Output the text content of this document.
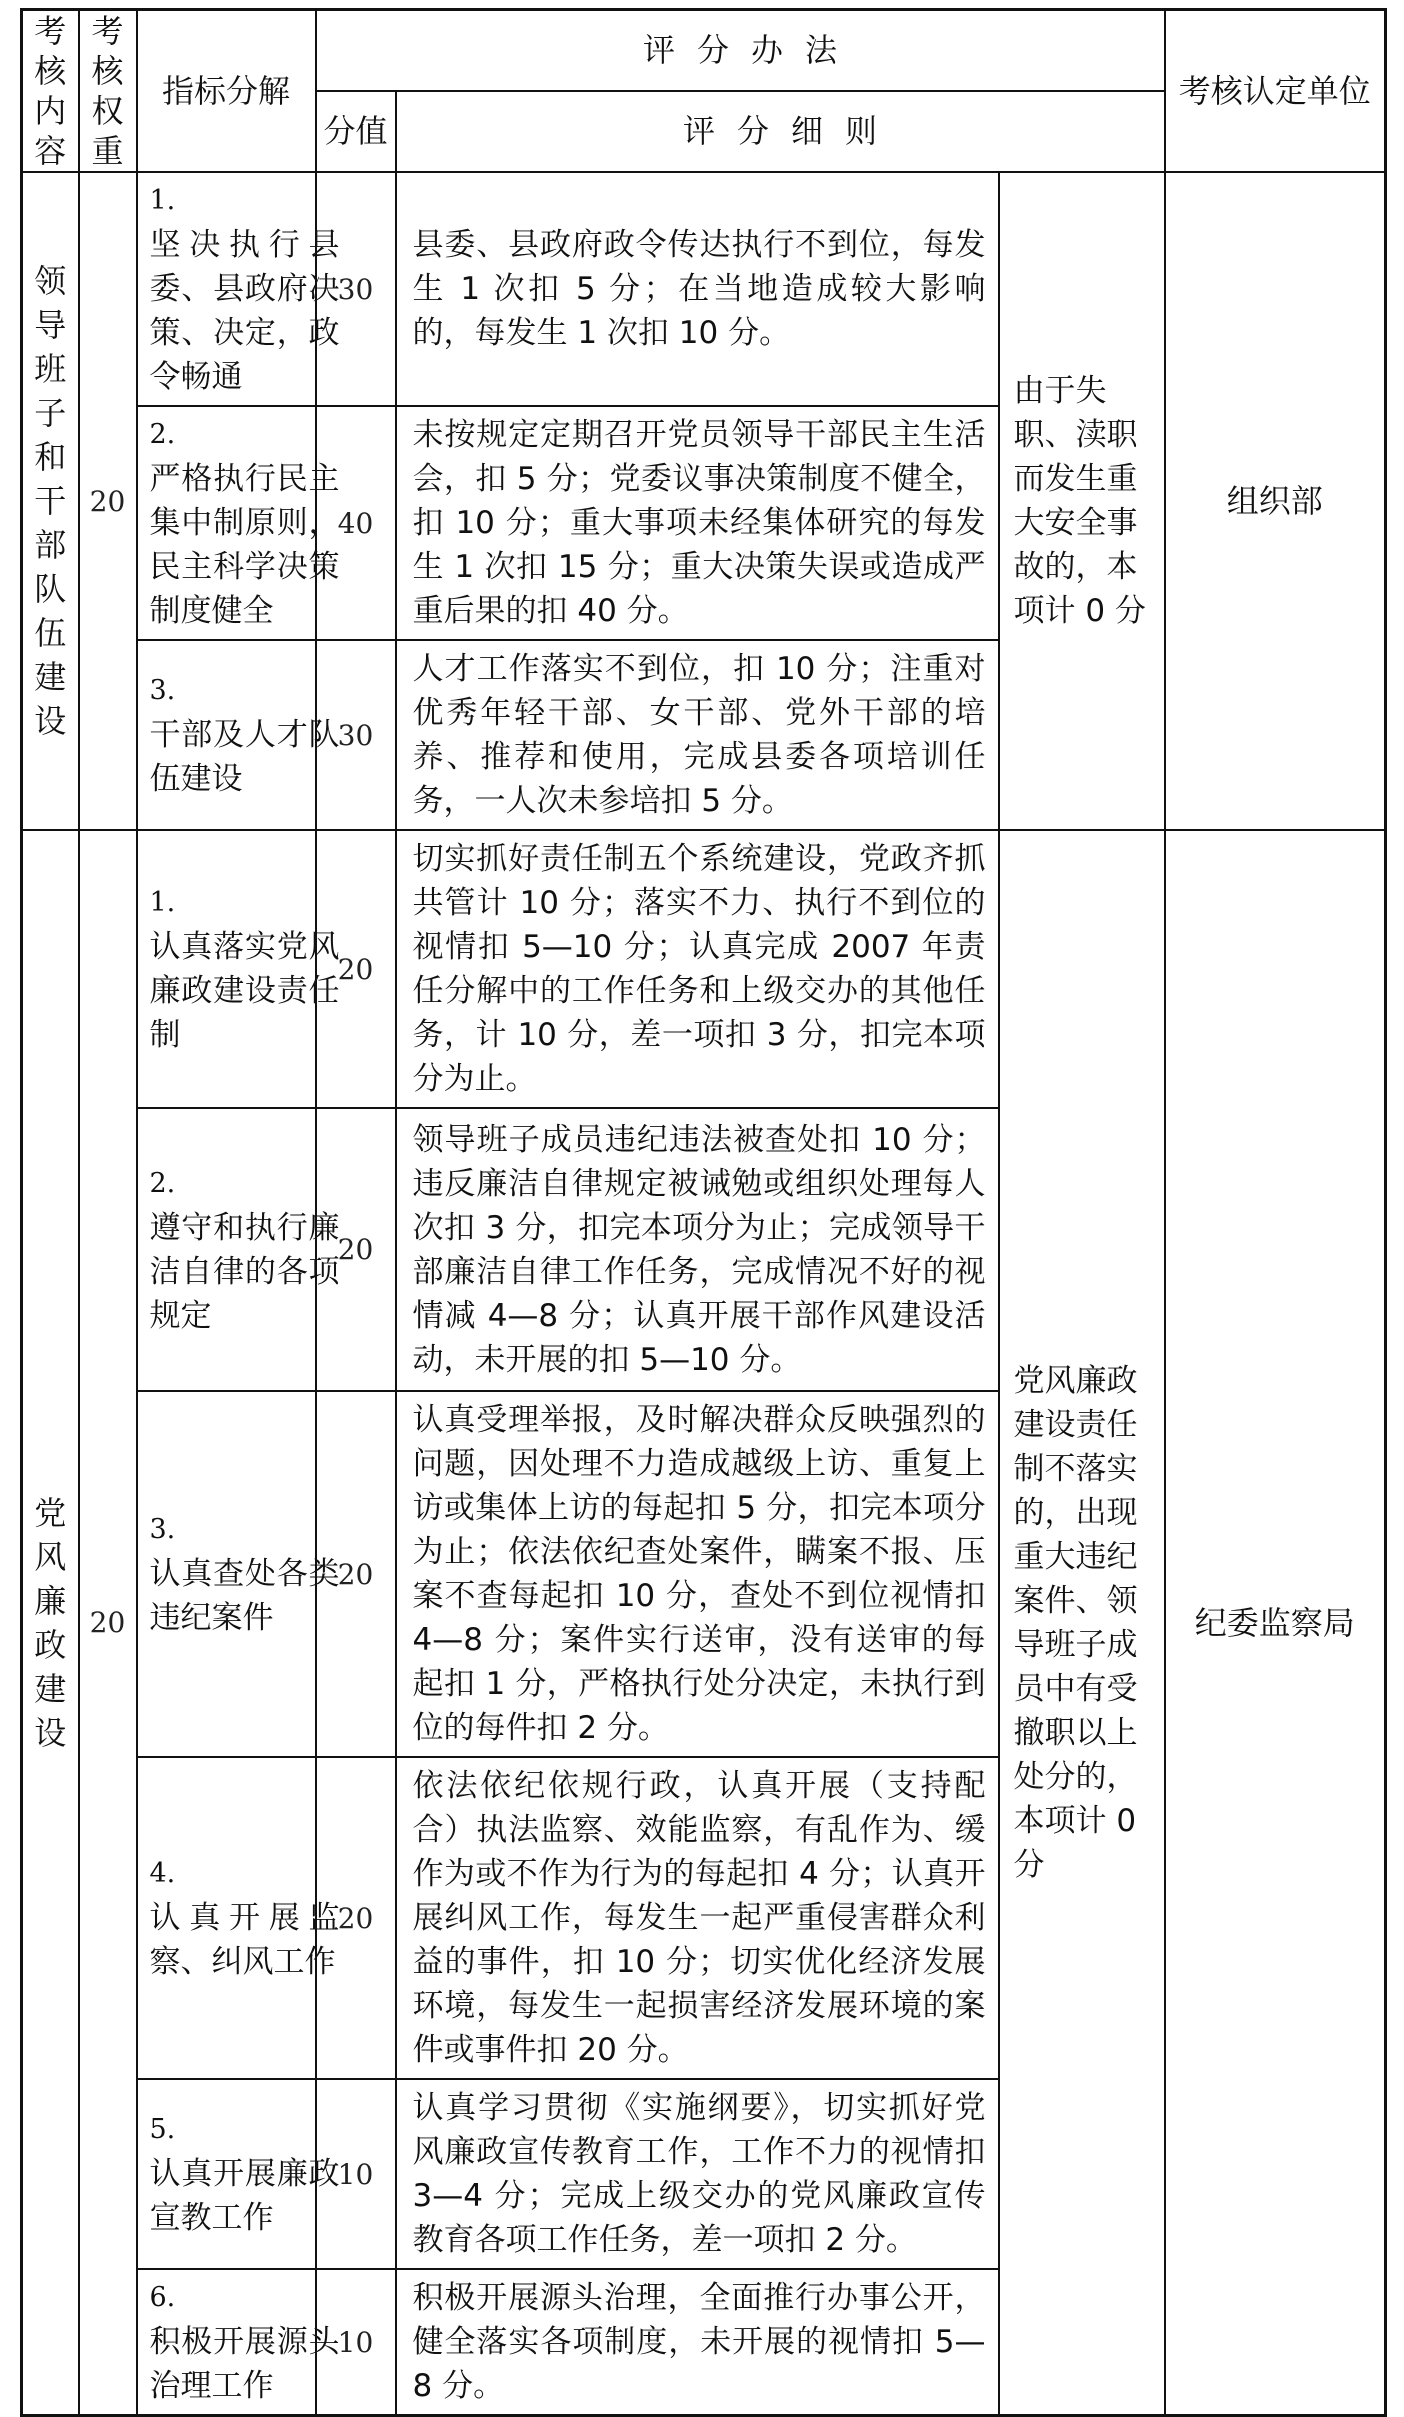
考核内容	考核权重	指标分解	评分办法			考核认定单位
			分值	评分细则		
领导班子和干部队伍建设	20	1.坚决执行县委、县政府决策、决定，政令畅通	30	县委、县政府政令传达执行不到位，每发生 1 次扣 5 分；在当地造成较大影响的，每发生 1 次扣 10 分。	由于失职、渎职而发生重大安全事故的，本项计 0 分	组织部
		2.严格执行民主集中制原则，民主科学决策制度健全	40	未按规定定期召开党员领导干部民主生活会，扣 5 分；党委议事决策制度不健全，扣 10 分；重大事项未经集体研究的每发生 1 次扣 15 分；重大决策失误或造成严重后果的扣 40 分。		
		3.干部及人才队伍建设	30	人才工作落实不到位，扣 10 分；注重对优秀年轻干部、女干部、党外干部的培养、推荐和使用，完成县委各项培训任务，一人次未参培扣 5 分。		
党风廉政建设	20	1.认真落实党风廉政建设责任制	20	切实抓好责任制五个系统建设，党政齐抓共管计 10 分；落实不力、执行不到位的视情扣 5—10 分；认真完成 2007 年责任分解中的工作任务和上级交办的其他任务，计 10 分，差一项扣 3 分，扣完本项分为止。	党风廉政建设责任制不落实的，出现重大违纪案件、领导班子成员中有受撤职以上处分的，本项计 0 分	纪委监察局
		2.遵守和执行廉洁自律的各项规定	20	领导班子成员违纪违法被查处扣 10 分；违反廉洁自律规定被诫勉或组织处理每人次扣 3 分，扣完本项分为止；完成领导干部廉洁自律工作任务，完成情况不好的视情减 4—8 分；认真开展干部作风建设活动，未开展的扣 5—10 分。		
		3.认真查处各类违纪案件	20	认真受理举报，及时解决群众反映强烈的问题，因处理不力造成越级上访、重复上访或集体上访的每起扣 5 分，扣完本项分为止；依法依纪查处案件，瞒案不报、压案不查每起扣 10 分，查处不到位视情扣 4—8 分；案件实行送审，没有送审的每起扣 1 分，严格执行处分决定，未执行到位的每件扣 2 分。		
		4.认真开展监察、纠风工作	20	依法依纪依规行政，认真开展（支持配合）执法监察、效能监察，有乱作为、缓作为或不作为行为的每起扣 4 分；认真开展纠风工作，每发生一起严重侵害群众利益的事件，扣 10 分；切实优化经济发展环境，每发生一起损害经济发展环境的案件或事件扣 20 分。		
		5.认真开展廉政宣教工作	10	认真学习贯彻《实施纲要》，切实抓好党风廉政宣传教育工作，工作不力的视情扣 3—4 分；完成上级交办的党风廉政宣传教育各项工作任务，差一项扣 2 分。		
		6.积极开展源头治理工作	10	积极开展源头治理，全面推行办事公开，健全落实各项制度，未开展的视情扣 5—8 分。		
